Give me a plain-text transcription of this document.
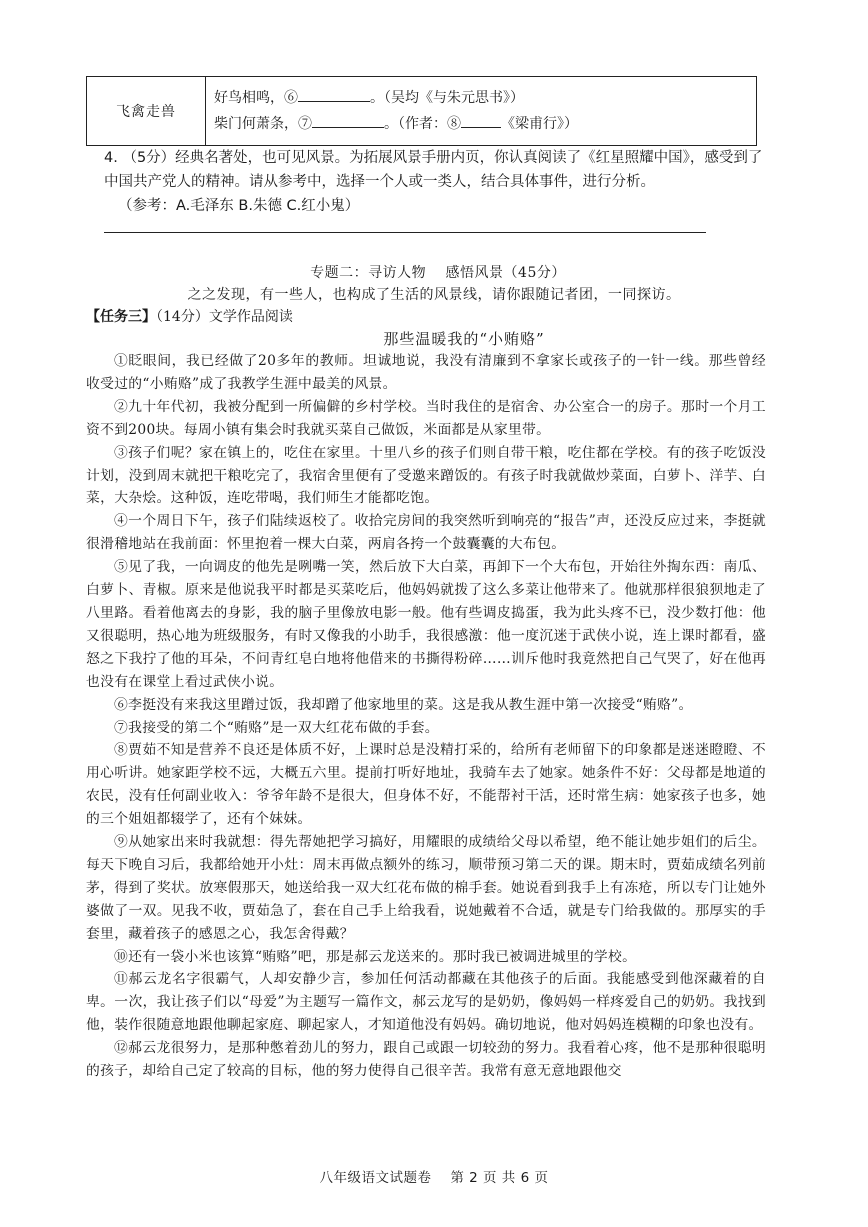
飞禽走兽	
好鸟相鸣，⑥	。（吴均《与朱元思书》）
柴门何萧条，⑦	。（作者：⑧	《梁甫行》）
4. （5分）经典名著处，也可见风景。为拓展风景手册内页，你认真阅读了《红星照耀中国》，感受到了中国共产党人的精神。请从参考中，选择一个人或一类人，结合具体事件，进行分析。
（参考：A.毛泽东 B.朱德 C.红小鬼）
专题二：寻访人物　 感悟风景（45分）
之之发现，有一些人，也构成了生活的风景线，请你跟随记者团，一同探访。
【任务三】（14分）文学作品阅读
那些温暖我的“小贿赂”

①眨眼间，我已经做了20多年的教师。坦诚地说，我没有清廉到不拿家长或孩子的一针一线。那些曾经收受过的“小贿赂”成了我教学生涯中最美的风景。

②九十年代初，我被分配到一所偏僻的乡村学校。当时我住的是宿舍、办公室合一的房子。那时一个月工资不到200块。每周小镇有集会时我就买菜自己做饭，米面都是从家里带。

③孩子们呢？家在镇上的，吃住在家里。十里八乡的孩子们则自带干粮，吃住都在学校。有的孩子吃饭没计划，没到周末就把干粮吃完了，我宿舍里便有了受邀来蹭饭的。有孩子时我就做炒菜面，白萝卜、洋芋、白菜，大杂烩。这种饭，连吃带喝，我们师生才能都吃饱。

④一个周日下午，孩子们陆续返校了。收拾完房间的我突然听到响亮的“报告”声，还没反应过来，李挺就很滑稽地站在我前面：怀里抱着一棵大白菜，两肩各挎一个鼓囊囊的大布包。

⑤见了我，一向调皮的他先是咧嘴一笑，然后放下大白菜，再卸下一个大布包，开始往外掏东西：南瓜、白萝卜、青椒。原来是他说我平时都是买菜吃后，他妈妈就拨了这么多菜让他带来了。他就那样很狼狈地走了八里路。看着他离去的身影，我的脑子里像放电影一般。他有些调皮捣蛋，我为此头疼不已，没少数打他：他又很聪明，热心地为班级服务，有时又像我的小助手，我很感激：他一度沉迷于武侠小说，连上课时都看，盛怒之下我拧了他的耳朵，不问青红皂白地将他借来的书撕得粉碎……训斥他时我竟然把自己气哭了，好在他再也没有在课堂上看过武侠小说。

⑥李挺没有来我这里蹭过饭，我却蹭了他家地里的菜。这是我从教生涯中第一次接受“贿赂”。

⑦我接受的第二个“贿赂”是一双大红花布做的手套。

⑧贾茹不知是营养不良还是体质不好，上课时总是没精打采的，给所有老师留下的印象都是迷迷瞪瞪、不用心听讲。她家距学校不远，大概五六里。提前打听好地址，我骑车去了她家。她条件不好：父母都是地道的农民，没有任何副业收入：爷爷年龄不是很大，但身体不好，不能帮衬干活，还时常生病：她家孩子也多，她的三个姐姐都辍学了，还有个妹妹。

⑨从她家出来时我就想：得先帮她把学习搞好，用耀眼的成绩给父母以希望，绝不能让她步姐们的后尘。每天下晚自习后，我都给她开小灶：周末再做点额外的练习，顺带预习第二天的课。期末时，贾茹成绩名列前茅，得到了奖状。放寒假那天，她送给我一双大红花布做的棉手套。她说看到我手上有冻疮，所以专门让她外婆做了一双。见我不收，贾茹急了，套在自己手上给我看，说她戴着不合适，就是专门给我做的。那厚实的手套里，藏着孩子的感恩之心，我怎舍得戴？

⑩还有一袋小米也该算“贿赂”吧，那是郝云龙送来的。那时我已被调进城里的学校。

⑪郝云龙名字很霸气，人却安静少言，参加任何活动都藏在其他孩子的后面。我能感受到他深藏着的自卑。一次，我让孩子们以“母爱”为主题写一篇作文，郝云龙写的是奶奶，像妈妈一样疼爱自己的奶奶。我找到他，装作很随意地跟他聊起家庭、聊起家人，才知道他没有妈妈。确切地说，他对妈妈连模糊的印象也没有。

⑫郝云龙很努力，是那种憋着劲儿的努力，跟自己或跟一切较劲的努力。我看着心疼，他不是那种很聪明的孩子，却给自己定了较高的目标，他的努力使得自己很辛苦。我常有意无意地跟他交

八年级语文试题卷　 第 2 页 共 6 页
